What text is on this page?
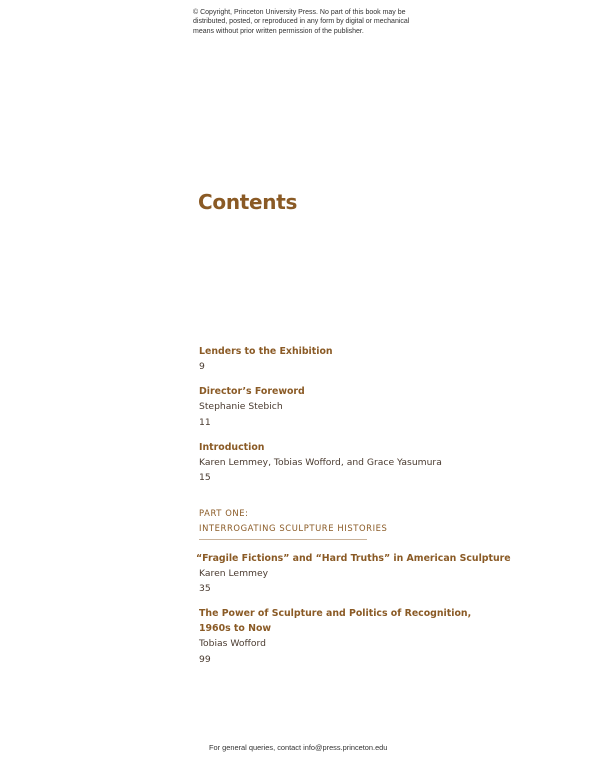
© Copyright, Princeton University Press. No part of this book may be
distributed, posted, or reproduced in any form by digital or mechanical
means without prior written permission of the publisher.
Contents
Lenders to the Exhibition
9
Director’s Foreword
Stephanie Stebich
11
Introduction
Karen Lemmey, Tobias Wofford, and Grace Yasumura
15
PART ONE:
INTERROGATING SCULPTURE HISTORIES
“Fragile Fictions” and “Hard Truths” in American Sculpture
Karen Lemmey
35
The Power of Sculpture and Politics of Recognition,
1960s to Now
Tobias Wofford
99
For general queries, contact info@press.princeton.edu
